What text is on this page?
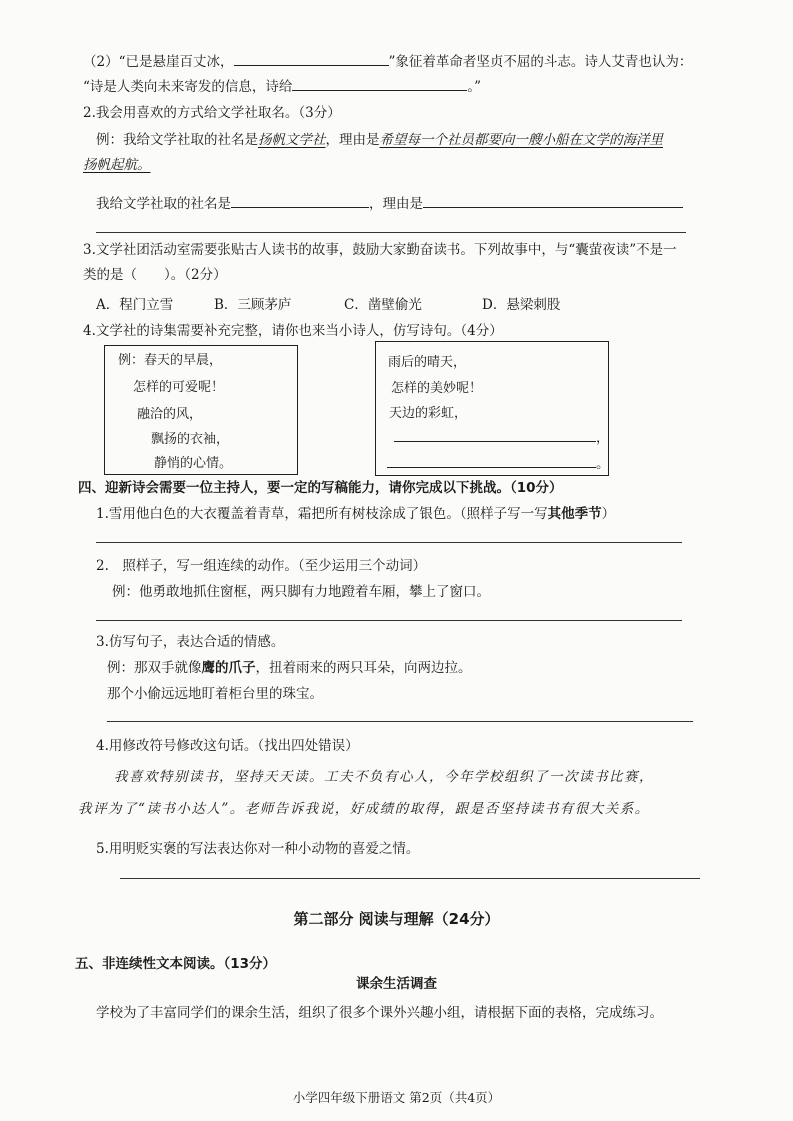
（2）“已是悬崖百丈冰，	”象征着革命者坚贞不屈的斗志。诗人艾青也认为：
“诗是人类向未来寄发的信息，诗给	。”
2.我会用喜欢的方式给文学社取名。（3分）
例：我给文学社取的社名是扬帆文学社，理由是希望每一个社员都要向一艘小船在文学的海洋里
扬帆起航。
我给文学社取的社名是	，理由是
3.文学社团活动室需要张贴古人读书的故事，鼓励大家勤奋读书。下列故事中，与“囊萤夜读”不是一
类的是（　　）。（2分）
A．程门立雪	B．三顾茅庐	C．凿壁偷光	D．悬梁刺股
4.文学社的诗集需要补充完整，请你也来当小诗人，仿写诗句。（4分）
例：春天的早晨，
怎样的可爱呢！
融洽的风，
飘扬的衣袖，
静悄的心情。
雨后的晴天，
怎样的美妙呢！
天边的彩虹，
，
。
四、迎新诗会需要一位主持人，要一定的写稿能力，请你完成以下挑战。（10分）
1.雪用他白色的大衣覆盖着青草，霜把所有树枝涂成了银色。（照样子写一写其他季节）
2.　照样子，写一组连续的动作。（至少运用三个动词）
例：他勇敢地抓住窗框，两只脚有力地蹬着车厢，攀上了窗口。
3.仿写句子，表达合适的情感。
例：那双手就像鹰的爪子，扭着雨来的两只耳朵，向两边拉。
那个小偷远远地盯着柜台里的珠宝。
4.用修改符号修改这句话。（找出四处错误）
我喜欢特别读书，坚持天天读。工夫不负有心人，今年学校组织了一次读书比赛，
我评为了“读书小达人”。老师告诉我说，好成绩的取得，跟是否坚持读书有很大关系。
5.用明贬实褒的写法表达你对一种小动物的喜爱之情。
第二部分 阅读与理解（24分）
五、非连续性文本阅读。（13分）
课余生活调查
学校为了丰富同学们的课余生活，组织了很多个课外兴趣小组，请根据下面的表格，完成练习。
小学四年级下册语文 第2页（共4页）
